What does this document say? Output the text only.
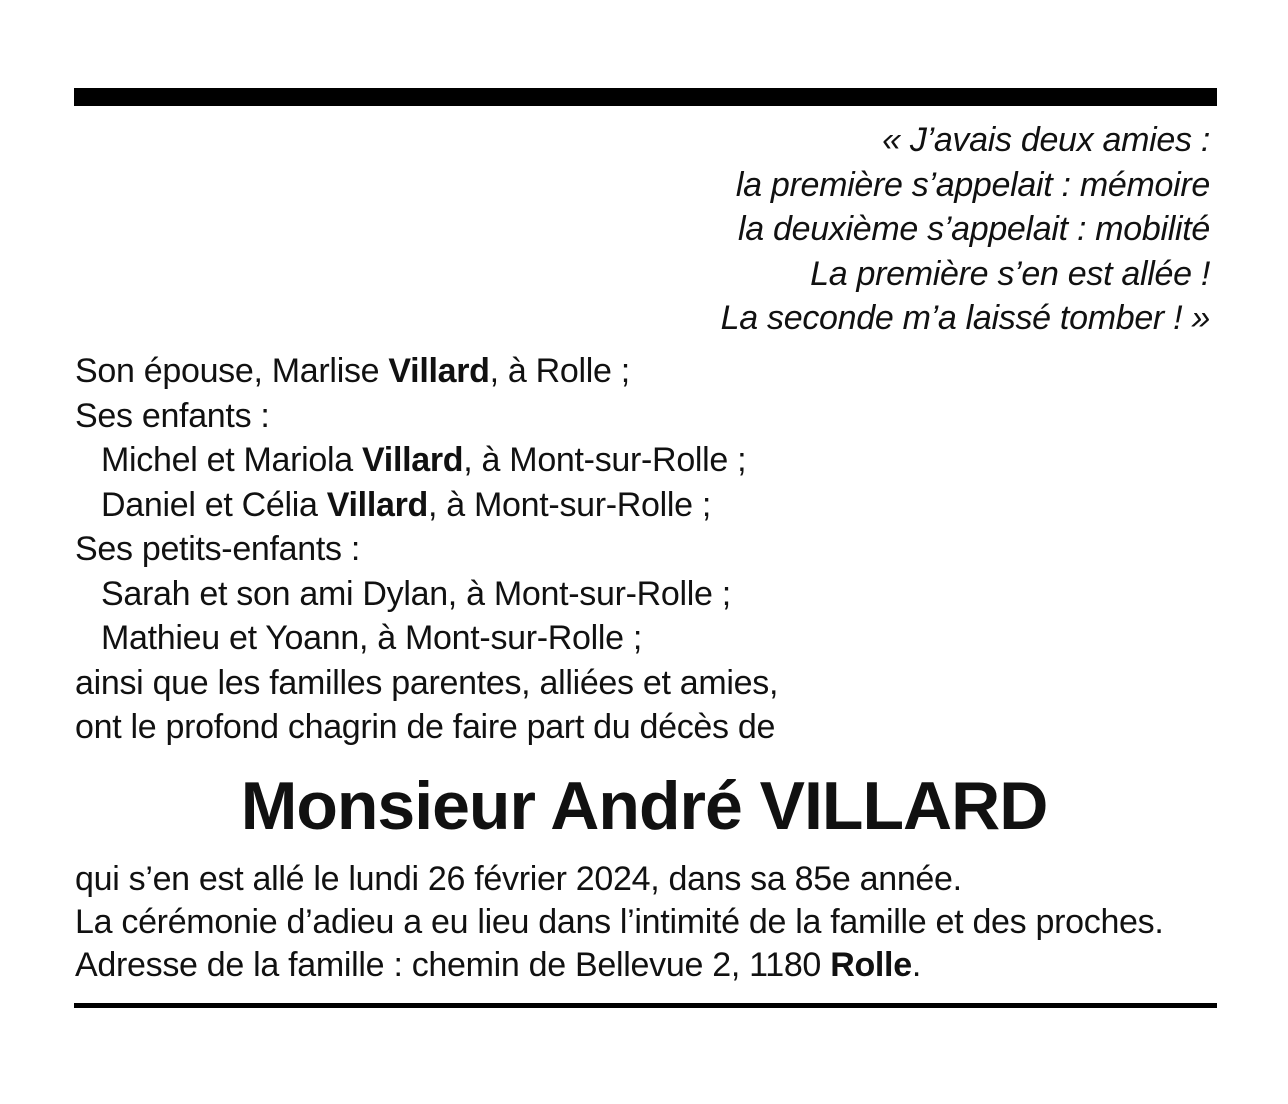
« J’avais deux amies :
la première s’appelait : mémoire
la deuxième s’appelait : mobilité
La première s’en est allée !
La seconde m’a laissé tomber ! »
Son épouse, Marlise Villard, à Rolle ;
Ses enfants :
Michel et Mariola Villard, à Mont-sur-Rolle ;
Daniel et Célia Villard, à Mont-sur-Rolle ;
Ses petits-enfants :
Sarah et son ami Dylan, à Mont-sur-Rolle ;
Mathieu et Yoann, à Mont-sur-Rolle ;
ainsi que les familles parentes, alliées et amies,
ont le profond chagrin de faire part du décès de
Monsieur André VILLARD
qui s’en est allé le lundi 26 février 2024, dans sa 85e année.
La cérémonie d’adieu a eu lieu dans l’intimité de la famille et des proches.
Adresse de la famille : chemin de Bellevue 2, 1180 Rolle.
